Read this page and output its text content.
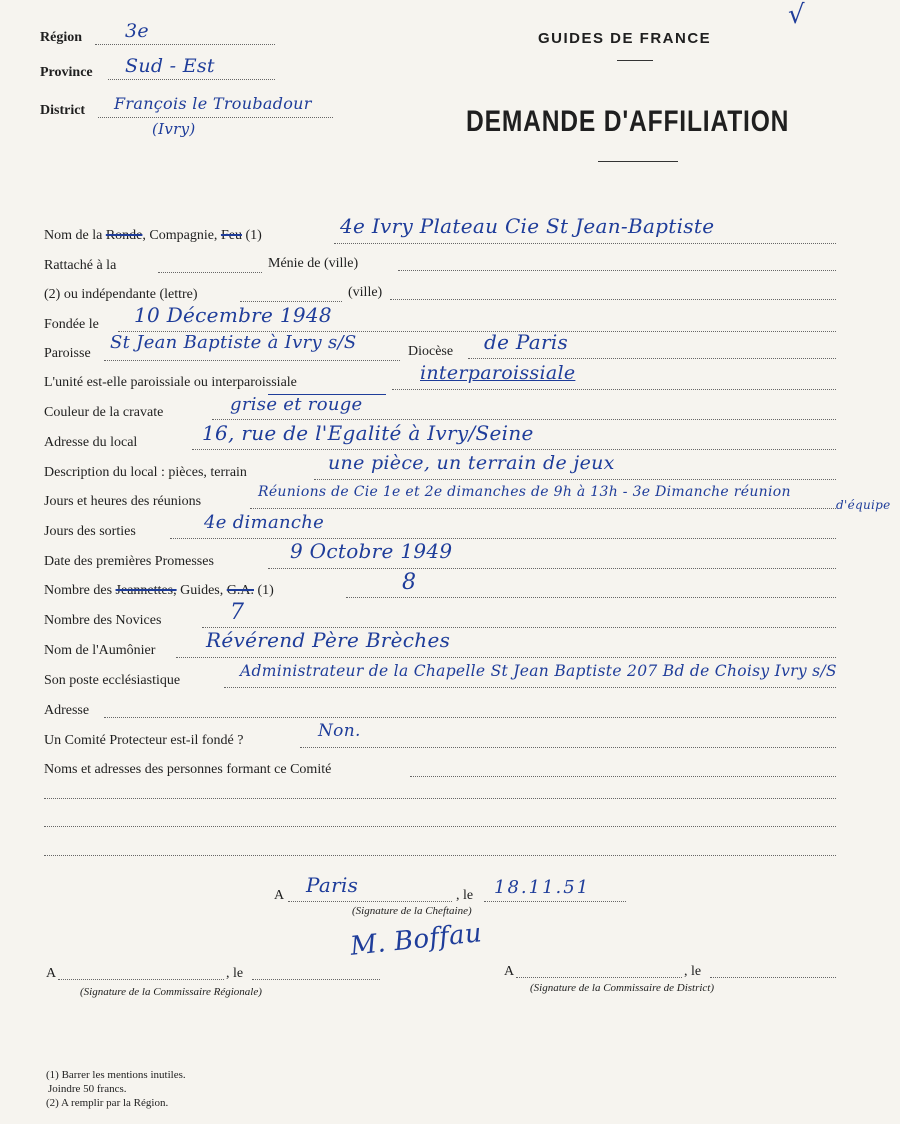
Région 3e
Province Sud - Est
District François le Troubadour
(Ivry)
GUIDES DE FRANCE
DEMANDE D'AFFILIATION
√
Nom de la Ronde, Compagnie, Feu (1)	4e Ivry Plateau Cie St Jean-Baptiste
Rattaché à la	Ménie de (ville)
(2) ou indépendante (lettre)	(ville)
Fondée le 10 Décembre 1948
Paroisse
St Jean Baptiste à Ivry s/S	Diocèse de Paris
L'unité est-elle paroissiale ou interparoissiale	interparoissiale
Couleur de la cravate	grise et rouge
Adresse du local	16, rue de l'Egalité à Ivry/Seine
Description du local : pièces, terrain	une pièce, un terrain de jeux
Jours et heures des réunions
Réunions de Cie 1e et 2e dimanches de 9h à 13h - 3e Dimanche réunion
d'équipe
Jours des sorties	4e dimanche
Date des premières Promesses	9 Octobre 1949
Nombre des Jeannettes, Guides, G.A. (1)	8
Nombre des Novices	7
Nom de l'Aumônier	Révérend Père Brèches
Son poste ecclésiastique
Administrateur de la Chapelle St Jean Baptiste 207 Bd de Choisy Ivry s/S
Adresse
Un Comité Protecteur est-il fondé ?	Non.
Noms et adresses des personnes formant ce Comité
A Paris	, le 18.11.51
(Signature de la Cheftaine)
M. Boffau
A	, le
(Signature de la Commissaire Régionale)
A	, le
(Signature de la Commissaire de District)
(1) Barrer les mentions inutiles.
Joindre 50 francs.
(2) A remplir par la Région.
